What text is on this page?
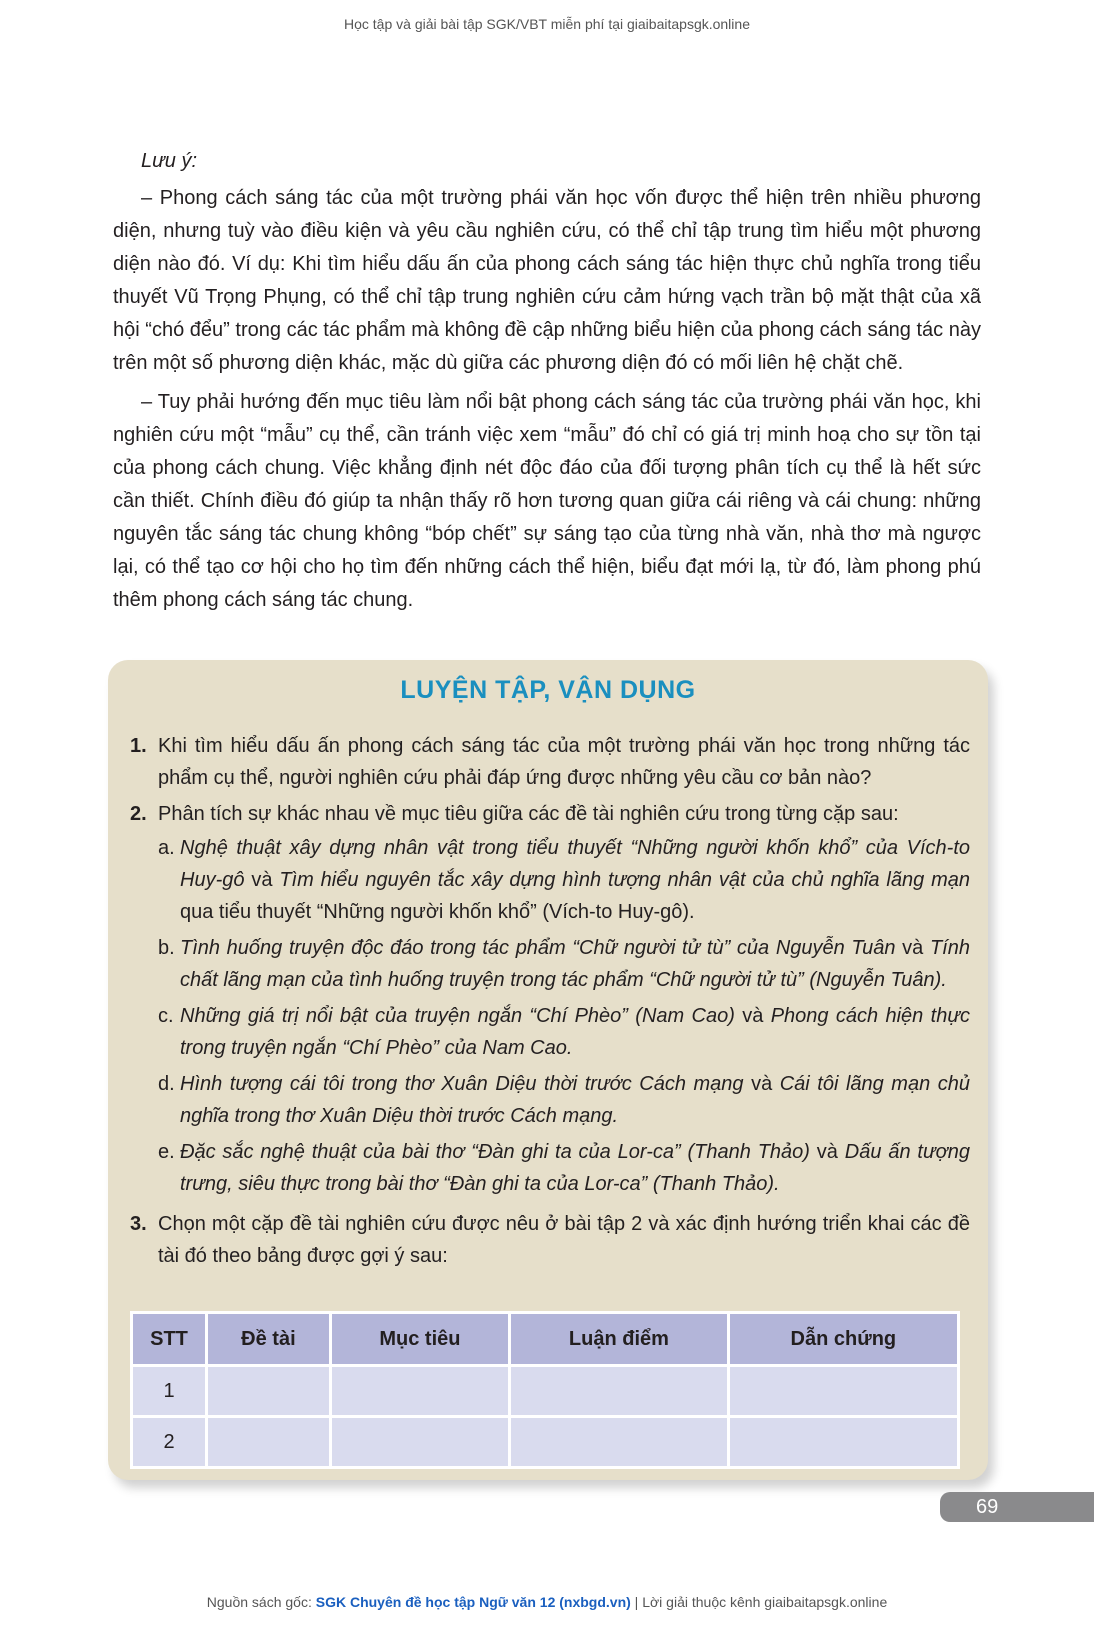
Học tập và giải bài tập SGK/VBT miễn phí tại giaibaitapsgk.online

Lưu ý:

– Phong cách sáng tác của một trường phái văn học vốn được thể hiện trên nhiều phương diện, nhưng tuỳ vào điều kiện và yêu cầu nghiên cứu, có thể chỉ tập trung tìm hiểu một phương diện nào đó. Ví dụ: Khi tìm hiểu dấu ấn của phong cách sáng tác hiện thực chủ nghĩa trong tiểu thuyết Vũ Trọng Phụng, có thể chỉ tập trung nghiên cứu cảm hứng vạch trần bộ mặt thật của xã hội “chó đểu” trong các tác phẩm mà không đề cập những biểu hiện của phong cách sáng tác này trên một số phương diện khác, mặc dù giữa các phương diện đó có mối liên hệ chặt chẽ.

– Tuy phải hướng đến mục tiêu làm nổi bật phong cách sáng tác của trường phái văn học, khi nghiên cứu một “mẫu” cụ thể, cần tránh việc xem “mẫu” đó chỉ có giá trị minh hoạ cho sự tồn tại của phong cách chung. Việc khẳng định nét độc đáo của đối tượng phân tích cụ thể là hết sức cần thiết. Chính điều đó giúp ta nhận thấy rõ hơn tương quan giữa cái riêng và cái chung: những nguyên tắc sáng tác chung không “bóp chết” sự sáng tạo của từng nhà văn, nhà thơ mà ngược lại, có thể tạo cơ hội cho họ tìm đến những cách thể hiện, biểu đạt mới lạ, từ đó, làm phong phú thêm phong cách sáng tác chung.

LUYỆN TẬP, VẬN DỤNG
1. Khi tìm hiểu dấu ấn phong cách sáng tác của một trường phái văn học trong những tác phẩm cụ thể, người nghiên cứu phải đáp ứng được những yêu cầu cơ bản nào?
2. Phân tích sự khác nhau về mục tiêu giữa các đề tài nghiên cứu trong từng cặp sau:
a. Nghệ thuật xây dựng nhân vật trong tiểu thuyết “Những người khốn khổ” của Vích-to Huy-gô và Tìm hiểu nguyên tắc xây dựng hình tượng nhân vật của chủ nghĩa lãng mạn qua tiểu thuyết “Những người khốn khổ” (Vích-to Huy-gô).
b. Tình huống truyện độc đáo trong tác phẩm “Chữ người tử tù” của Nguyễn Tuân và Tính chất lãng mạn của tình huống truyện trong tác phẩm “Chữ người tử tù” (Nguyễn Tuân).
c. Những giá trị nổi bật của truyện ngắn “Chí Phèo” (Nam Cao) và Phong cách hiện thực trong truyện ngắn “Chí Phèo” của Nam Cao.
d. Hình tượng cái tôi trong thơ Xuân Diệu thời trước Cách mạng và Cái tôi lãng mạn chủ nghĩa trong thơ Xuân Diệu thời trước Cách mạng.
e. Đặc sắc nghệ thuật của bài thơ “Đàn ghi ta của Lor-ca” (Thanh Thảo) và Dấu ấn tượng trưng, siêu thực trong bài thơ “Đàn ghi ta của Lor-ca” (Thanh Thảo).
3. Chọn một cặp đề tài nghiên cứu được nêu ở bài tập 2 và xác định hướng triển khai các đề tài đó theo bảng được gợi ý sau:
STT	Đề tài	Mục tiêu	Luận điểm	Dẫn chứng
1				
2				
69
Nguồn sách gốc: SGK Chuyên đề học tập Ngữ văn 12 (nxbgd.vn) | Lời giải thuộc kênh giaibaitapsgk.online
